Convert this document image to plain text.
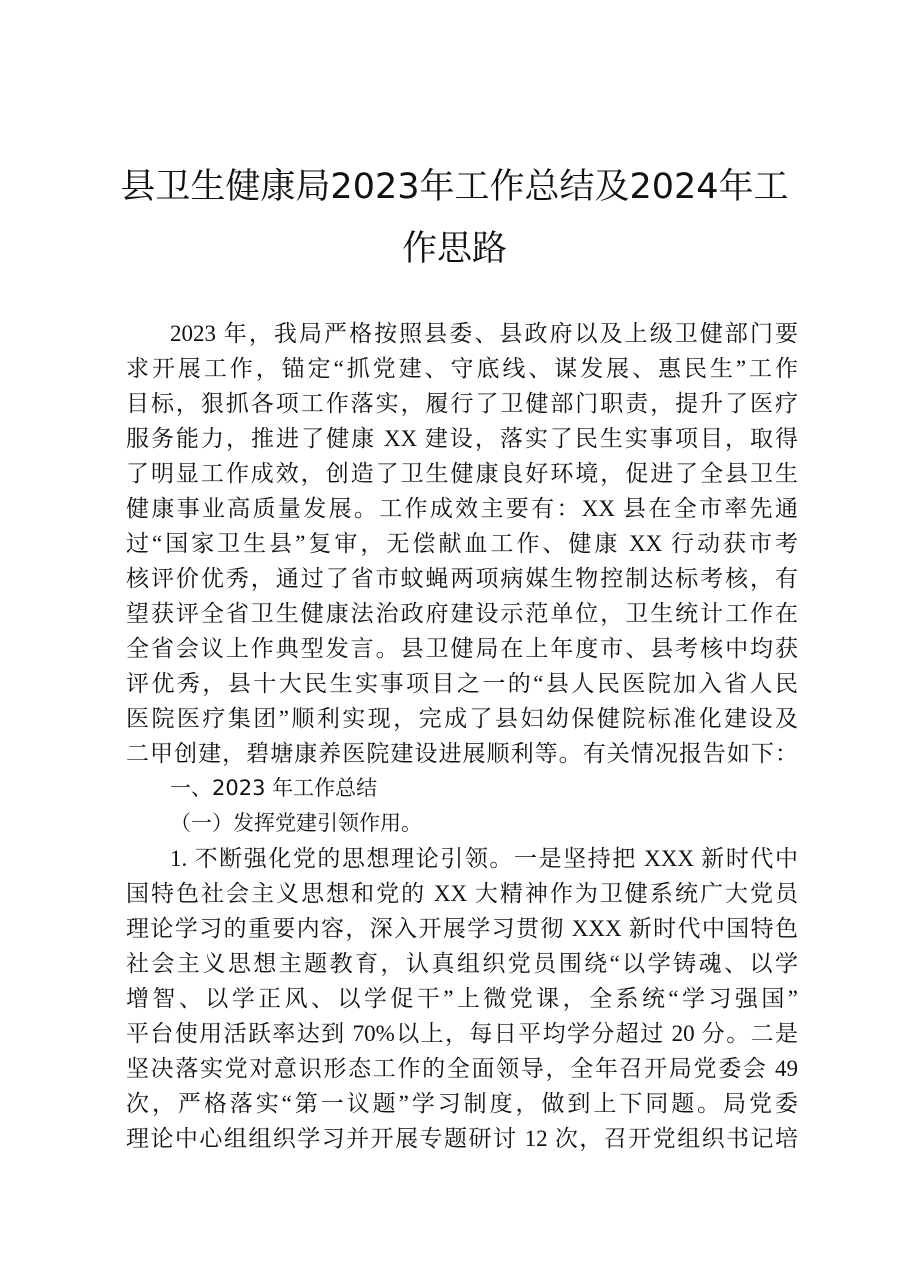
县卫生健康局2023年工作总结及2024年工
作思路
2023 年，我局严格按照县委、县政府以及上级卫健部门要
求开展工作，锚定“抓党建、守底线、谋发展、惠民生”工作
目标，狠抓各项工作落实，履行了卫健部门职责，提升了医疗
服务能力，推进了健康 XX 建设，落实了民生实事项目，取得
了明显工作成效，创造了卫生健康良好环境，促进了全县卫生
健康事业高质量发展。工作成效主要有：XX 县在全市率先通
过“国家卫生县”复审，无偿献血工作、健康 XX 行动获市考
核评价优秀，通过了省市蚊蝇两项病媒生物控制达标考核，有
望获评全省卫生健康法治政府建设示范单位，卫生统计工作在
全省会议上作典型发言。县卫健局在上年度市、县考核中均获
评优秀，县十大民生实事项目之一的“县人民医院加入省人民
医院医疗集团”顺利实现，完成了县妇幼保健院标准化建设及
二甲创建，碧塘康养医院建设进展顺利等。有关情况报告如下：
一、2023 年工作总结
（一）发挥党建引领作用。
1. 不断强化党的思想理论引领。一是坚持把 XXX 新时代中
国特色社会主义思想和党的 XX 大精神作为卫健系统广大党员
理论学习的重要内容，深入开展学习贯彻 XXX 新时代中国特色
社会主义思想主题教育，认真组织党员围绕“以学铸魂、以学
增智、以学正风、以学促干”上微党课，全系统“学习强国”
平台使用活跃率达到 70%以上，每日平均学分超过 20 分。二是
坚决落实党对意识形态工作的全面领导，全年召开局党委会 49
次，严格落实“第一议题”学习制度，做到上下同题。局党委
理论中心组组织学习并开展专题研讨 12 次，召开党组织书记培
